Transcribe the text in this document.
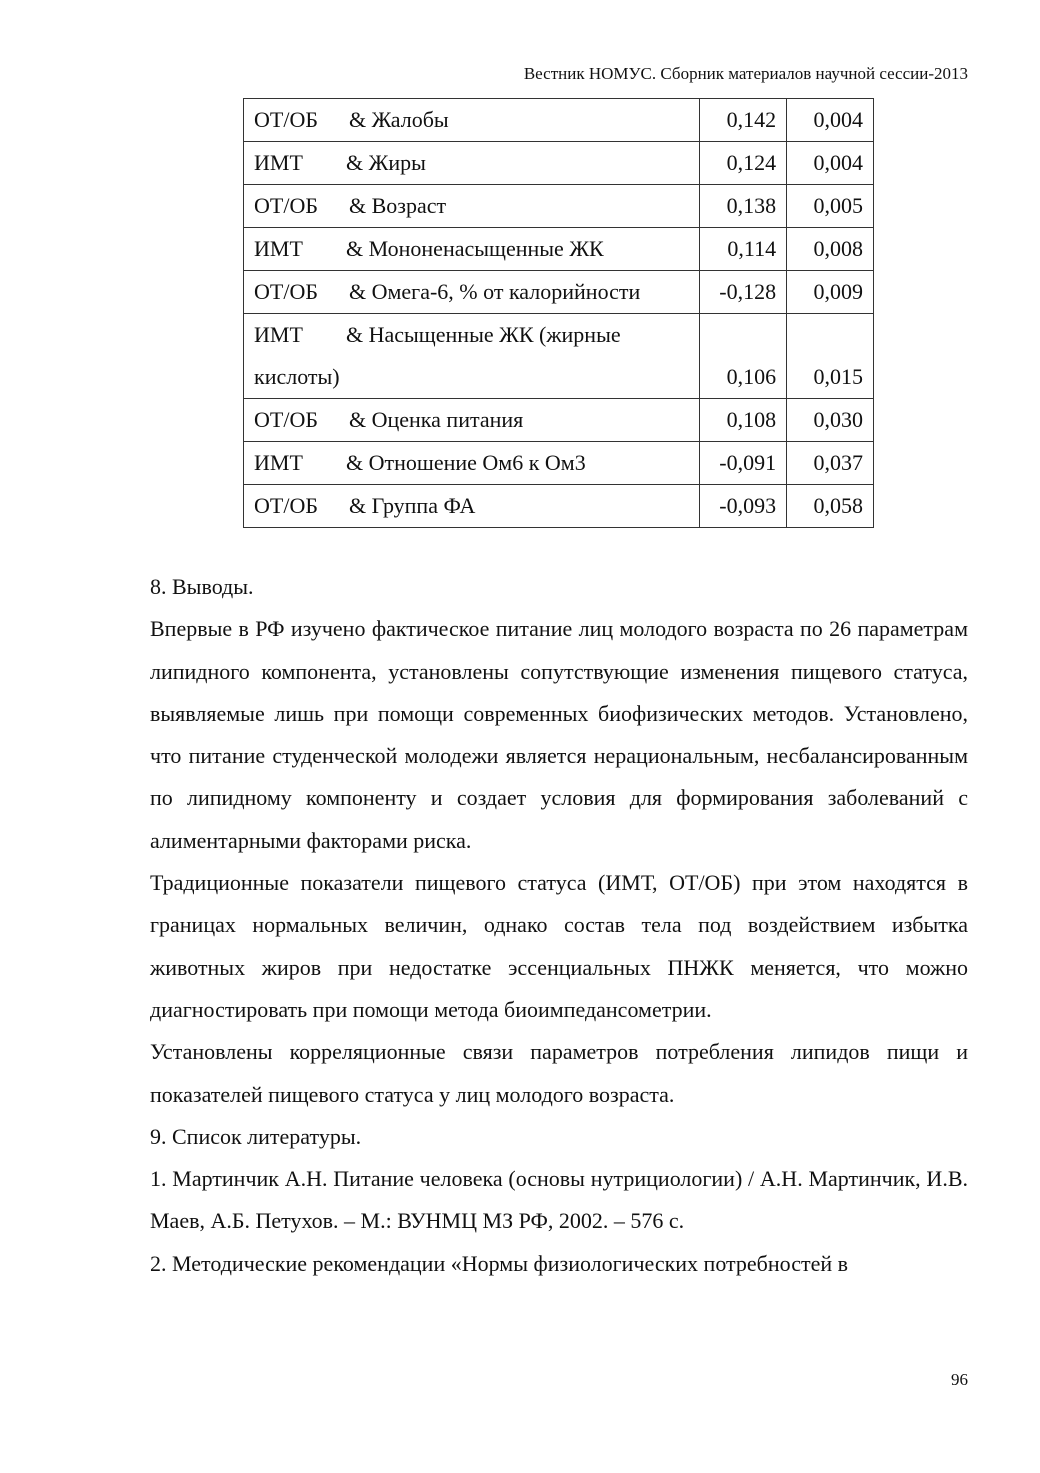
Вестник НОМУС. Сборник материалов научной сессии-2013
ОТ/ОБ & Жалобы	0,142	0,004
ИМТ & Жиры	0,124	0,004
ОТ/ОБ & Возраст	0,138	0,005
ИМТ & Мононенасыщенные ЖК	0,114	0,008
ОТ/ОБ & Омега-6, % от калорийности	-0,128	0,009

ИМТ & Насыщенные ЖК (жирные
кислоты)	0,106	0,015
ОТ/ОБ & Оценка питания	0,108	0,030
ИМТ & Отношение Ом6 к Ом3	-0,091	0,037
ОТ/ОБ & Группа ФА	-0,093	0,058

8. Выводы.

Впервые в РФ изучено фактическое питание лиц молодого возраста по 26 параметрам липидного компонента, установлены сопутствующие изменения пищевого статуса, выявляемые лишь при помощи современных биофизических методов. Установлено, что питание студенческой молодежи является нерациональным, несбалансированным по липидному компоненту и создает условия для формирования заболеваний с алиментарными факторами риска.

Традиционные показатели пищевого статуса (ИМТ, ОТ/ОБ) при этом находятся в границах нормальных величин, однако состав тела под воздействием избытка животных жиров при недостатке эссенциальных ПНЖК меняется, что можно диагностировать при помощи метода биоимпедансометрии.

Установлены корреляционные связи параметров потребления липидов пищи и показателей пищевого статуса у лиц молодого возраста.

9. Список литературы.

1. Мартинчик А.Н. Питание человека (основы нутрициологии) / А.Н. Мартинчик, И.В. Маев, А.Б. Петухов. – М.: ВУНМЦ МЗ РФ, 2002. – 576 с.

2. Методические рекомендации «Нормы физиологических потребностей в

96
